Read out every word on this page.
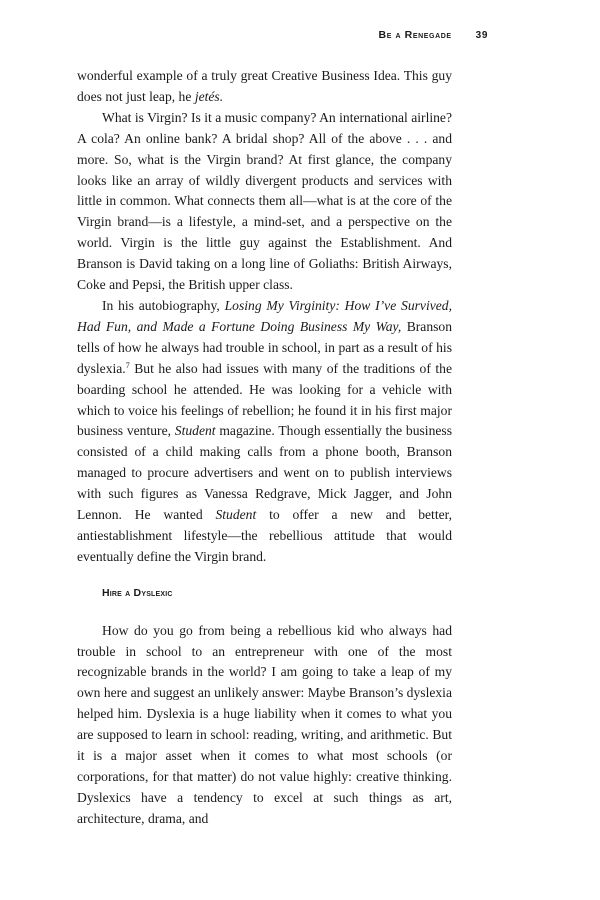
Be a Renegade 39

wonderful example of a truly great Creative Business Idea. This guy does not just leap, he jetés.

What is Virgin? Is it a music company? An international airline? A cola? An online bank? A bridal shop? All of the above . . . and more. So, what is the Virgin brand? At first glance, the company looks like an array of wildly divergent products and services with little in common. What connects them all—what is at the core of the Virgin brand—is a lifestyle, a mind-set, and a perspective on the world. Virgin is the little guy against the Establishment. And Branson is David taking on a long line of Goliaths: British Airways, Coke and Pepsi, the British upper class.

In his autobiography, Losing My Virginity: How I’ve Survived, Had Fun, and Made a Fortune Doing Business My Way, Branson tells of how he always had trouble in school, in part as a result of his dyslexia.$^7$ But he also had issues with many of the traditions of the boarding school he attended. He was looking for a vehicle with which to voice his feelings of rebellion; he found it in his first major business venture, Student magazine. Though essentially the business consisted of a child making calls from a phone booth, Branson managed to procure advertisers and went on to publish interviews with such figures as Vanessa Redgrave, Mick Jagger, and John Lennon. He wanted Student to offer a new and better, antiestablishment lifestyle—the rebellious attitude that would eventually define the Virgin brand.

Hire a Dyslexic

How do you go from being a rebellious kid who always had trouble in school to an entrepreneur with one of the most recognizable brands in the world? I am going to take a leap of my own here and suggest an unlikely answer: Maybe Branson’s dyslexia helped him. Dyslexia is a huge liability when it comes to what you are supposed to learn in school: reading, writing, and arithmetic. But it is a major asset when it comes to what most schools (or corporations, for that matter) do not value highly: creative thinking. Dyslexics have a tendency to excel at such things as art, architecture, drama, and
